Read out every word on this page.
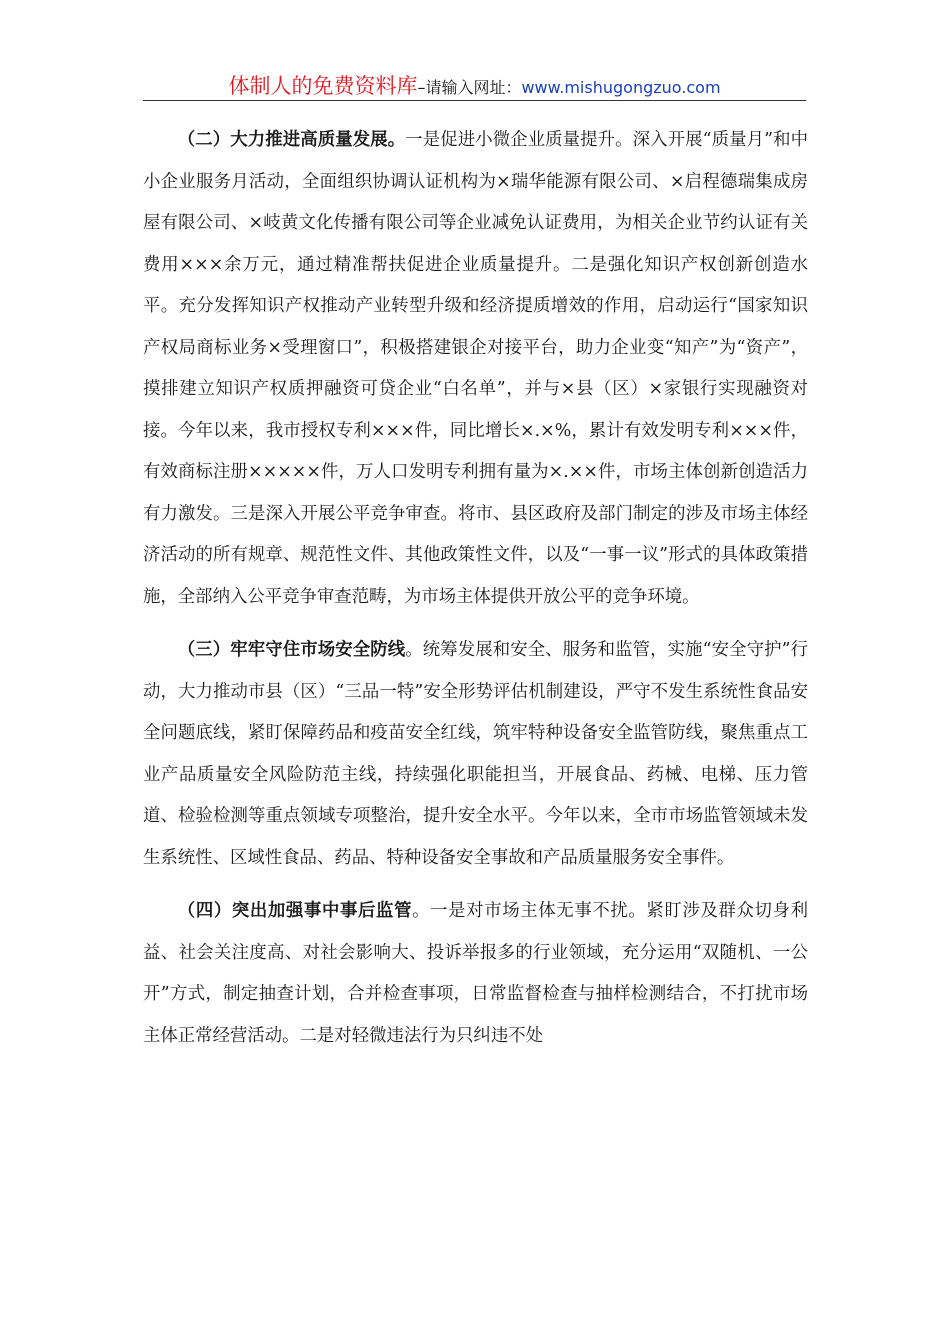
体制人的免费资料库–请输入网址：www.mishugongzuo.com

（二）大力推进高质量发展。一是促进小微企业质量提升。深入开展“质量月”和中小企业服务月活动，全面组织协调认证机构为×瑞华能源有限公司、×启程德瑞集成房屋有限公司、×岐黄文化传播有限公司等企业减免认证费用，为相关企业节约认证有关费用×××余万元，通过精准帮扶促进企业质量提升。二是强化知识产权创新创造水平。充分发挥知识产权推动产业转型升级和经济提质增效的作用，启动运行“国家知识产权局商标业务×受理窗口”，积极搭建银企对接平台，助力企业变“知产”为“资产”，摸排建立知识产权质押融资可贷企业“白名单”，并与×县（区）×家银行实现融资对接。今年以来，我市授权专利×××件，同比增长×.×%，累计有效发明专利×××件，有效商标注册×××××件，万人口发明专利拥有量为×.××件，市场主体创新创造活力有力激发。三是深入开展公平竞争审查。将市、县区政府及部门制定的涉及市场主体经济活动的所有规章、规范性文件、其他政策性文件，以及“一事一议”形式的具体政策措施，全部纳入公平竞争审查范畴，为市场主体提供开放公平的竞争环境。

（三）牢牢守住市场安全防线。统筹发展和安全、服务和监管，实施“安全守护”行动，大力推动市县（区）“三品一特”安全形势评估机制建设，严守不发生系统性食品安全问题底线，紧盯保障药品和疫苗安全红线，筑牢特种设备安全监管防线，聚焦重点工业产品质量安全风险防范主线，持续强化职能担当，开展食品、药械、电梯、压力管道、检验检测等重点领域专项整治，提升安全水平。今年以来，全市市场监管领域未发生系统性、区域性食品、药品、特种设备安全事故和产品质量服务安全事件。

（四）突出加强事中事后监管。一是对市场主体无事不扰。紧盯涉及群众切身利益、社会关注度高、对社会影响大、投诉举报多的行业领域，充分运用“双随机、一公开”方式，制定抽查计划，合并检查事项，日常监督检查与抽样检测结合，不打扰市场主体正常经营活动。二是对轻微违法行为只纠违不处
